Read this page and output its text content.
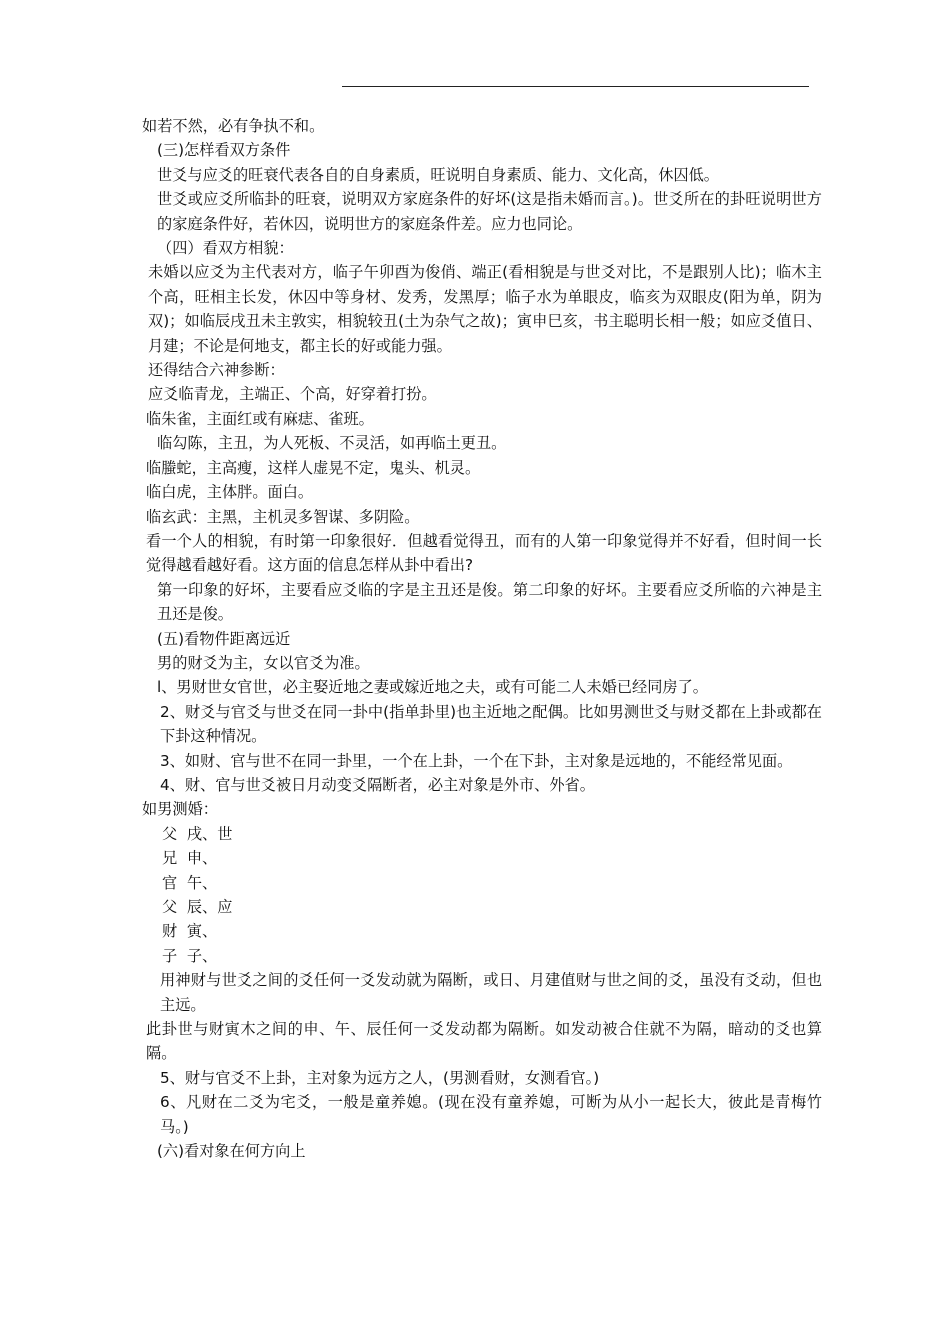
如若不然，必有争执不和。

(三)怎样看双方条件

世爻与应爻的旺衰代表各自的自身素质，旺说明自身素质、能力、文化高，休囚低。

世爻或应爻所临卦的旺衰，说明双方家庭条件的好坏(这是指未婚而言。)。世爻所在的卦旺说明世方的家庭条件好，若休囚，说明世方的家庭条件差。应力也同论。

（四）看双方相貌：

未婚以应爻为主代表对方，临子午卯酉为俊俏、端正(看相貌是与世爻对比，不是跟别人比)；临木主个高，旺相主长发，休囚中等身材、发秀，发黑厚；临子水为单眼皮，临亥为双眼皮(阳为单，阴为双)；如临辰戌丑未主敦实，相貌较丑(土为杂气之故)；寅申巳亥，书主聪明长相一般；如应爻值日、月建；不论是何地支，都主长的好或能力强。

还得结合六神参断：

应爻临青龙，主端正、个高，好穿着打扮。

临朱雀，主面红或有麻痣、雀班。

临勾陈，主丑，为人死板、不灵活，如再临土更丑。

临螣蛇，主高瘦，这样人虚晃不定，鬼头、机灵。

临白虎，主体胖。面白。

临玄武：主黑，主机灵多智谋、多阴险。

看一个人的相貌，有时第一印象很好．但越看觉得丑，而有的人第一印象觉得并不好看，但时间一长觉得越看越好看。这方面的信息怎样从卦中看出?

第一印象的好坏，主要看应爻临的字是主丑还是俊。第二印象的好坏。主要看应爻所临的六神是主丑还是俊。

(五)看物件距离远近

男的财爻为主，女以官爻为准。

l、男财世女官世，必主娶近地之妻或嫁近地之夫，或有可能二人未婚已经同房了。

2、财爻与官爻与世爻在同一卦中(指单卦里)也主近地之配偶。比如男测世爻与财爻都在上卦或都在下卦这种情况。

3、如财、官与世不在同一卦里，一个在上卦，一个在下卦，主对象是远地的，不能经常见面。

4、财、官与世爻被日月动变爻隔断者，必主对象是外市、外省。

如男测婚：

父  戌、世

兄  申、

官  午、

父  辰、应

财  寅、

子  子、

用神财与世爻之间的爻任何一爻发动就为隔断，或日、月建值财与世之间的爻，虽没有爻动，但也主远。

此卦世与财寅木之间的申、午、辰任何一爻发动都为隔断。如发动被合住就不为隔，暗动的爻也算隔。

5、财与官爻不上卦，主对象为远方之人，(男测看财，女测看官。)

6、凡财在二爻为宅爻，一般是童养媳。(现在没有童养媳，可断为从小一起长大，彼此是青梅竹马。)

(六)看对象在何方向上
